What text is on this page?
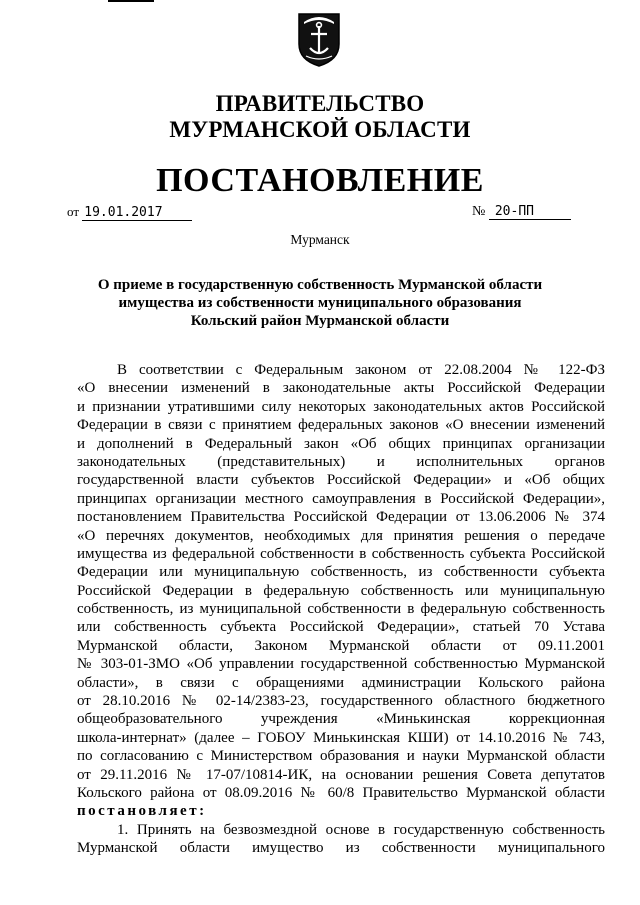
ПРАВИТЕЛЬСТВО
МУРМАНСКОЙ ОБЛАСТИ
ПОСТАНОВЛЕНИЕ
от 19.01.2017	№ 20-ПП
Мурманск
О приеме в государственную собственность Мурманской области
имущества из собственности муниципального образования
Кольский район Мурманской области
В соответствии с Федеральным законом от 22.08.2004 № 122-ФЗ
«О внесении изменений в законодательные акты Российской Федерации
и признании утратившими силу некоторых законодательных актов Российской
Федерации в связи с принятием федеральных законов «О внесении изменений
и дополнений в Федеральный закон «Об общих принципах организации
законодательных (представительных) и исполнительных органов
государственной власти субъектов Российской Федерации» и «Об общих
принципах организации местного самоуправления в Российской Федерации»,
постановлением Правительства Российской Федерации от 13.06.2006 № 374
«О перечнях документов, необходимых для принятия решения о передаче
имущества из федеральной собственности в собственность субъекта Российской
Федерации или муниципальную собственность, из собственности субъекта
Российской Федерации в федеральную собственность или муниципальную
собственность, из муниципальной собственности в федеральную собственность
или собственность субъекта Российской Федерации», статьей 70 Устава
Мурманской области, Законом Мурманской области от 09.11.2001
№ 303-01-ЗМО «Об управлении государственной собственностью Мурманской
области», в связи с обращениями администрации Кольского района
от 28.10.2016 № 02-14/2383-23, государственного областного бюджетного
общеобразовательного учреждения «Минькинская коррекционная
школа-интернат» (далее – ГОБОУ Минькинская КШИ) от 14.10.2016 № 743,
по согласованию с Министерством образования и науки Мурманской области
от 29.11.2016 № 17-07/10814-ИК, на основании решения Совета депутатов
Кольского района от 08.09.2016 № 60/8 Правительство Мурманской области
постановляет:
1. Принять на безвозмездной основе в государственную собственность
Мурманской области имущество из собственности муниципального
